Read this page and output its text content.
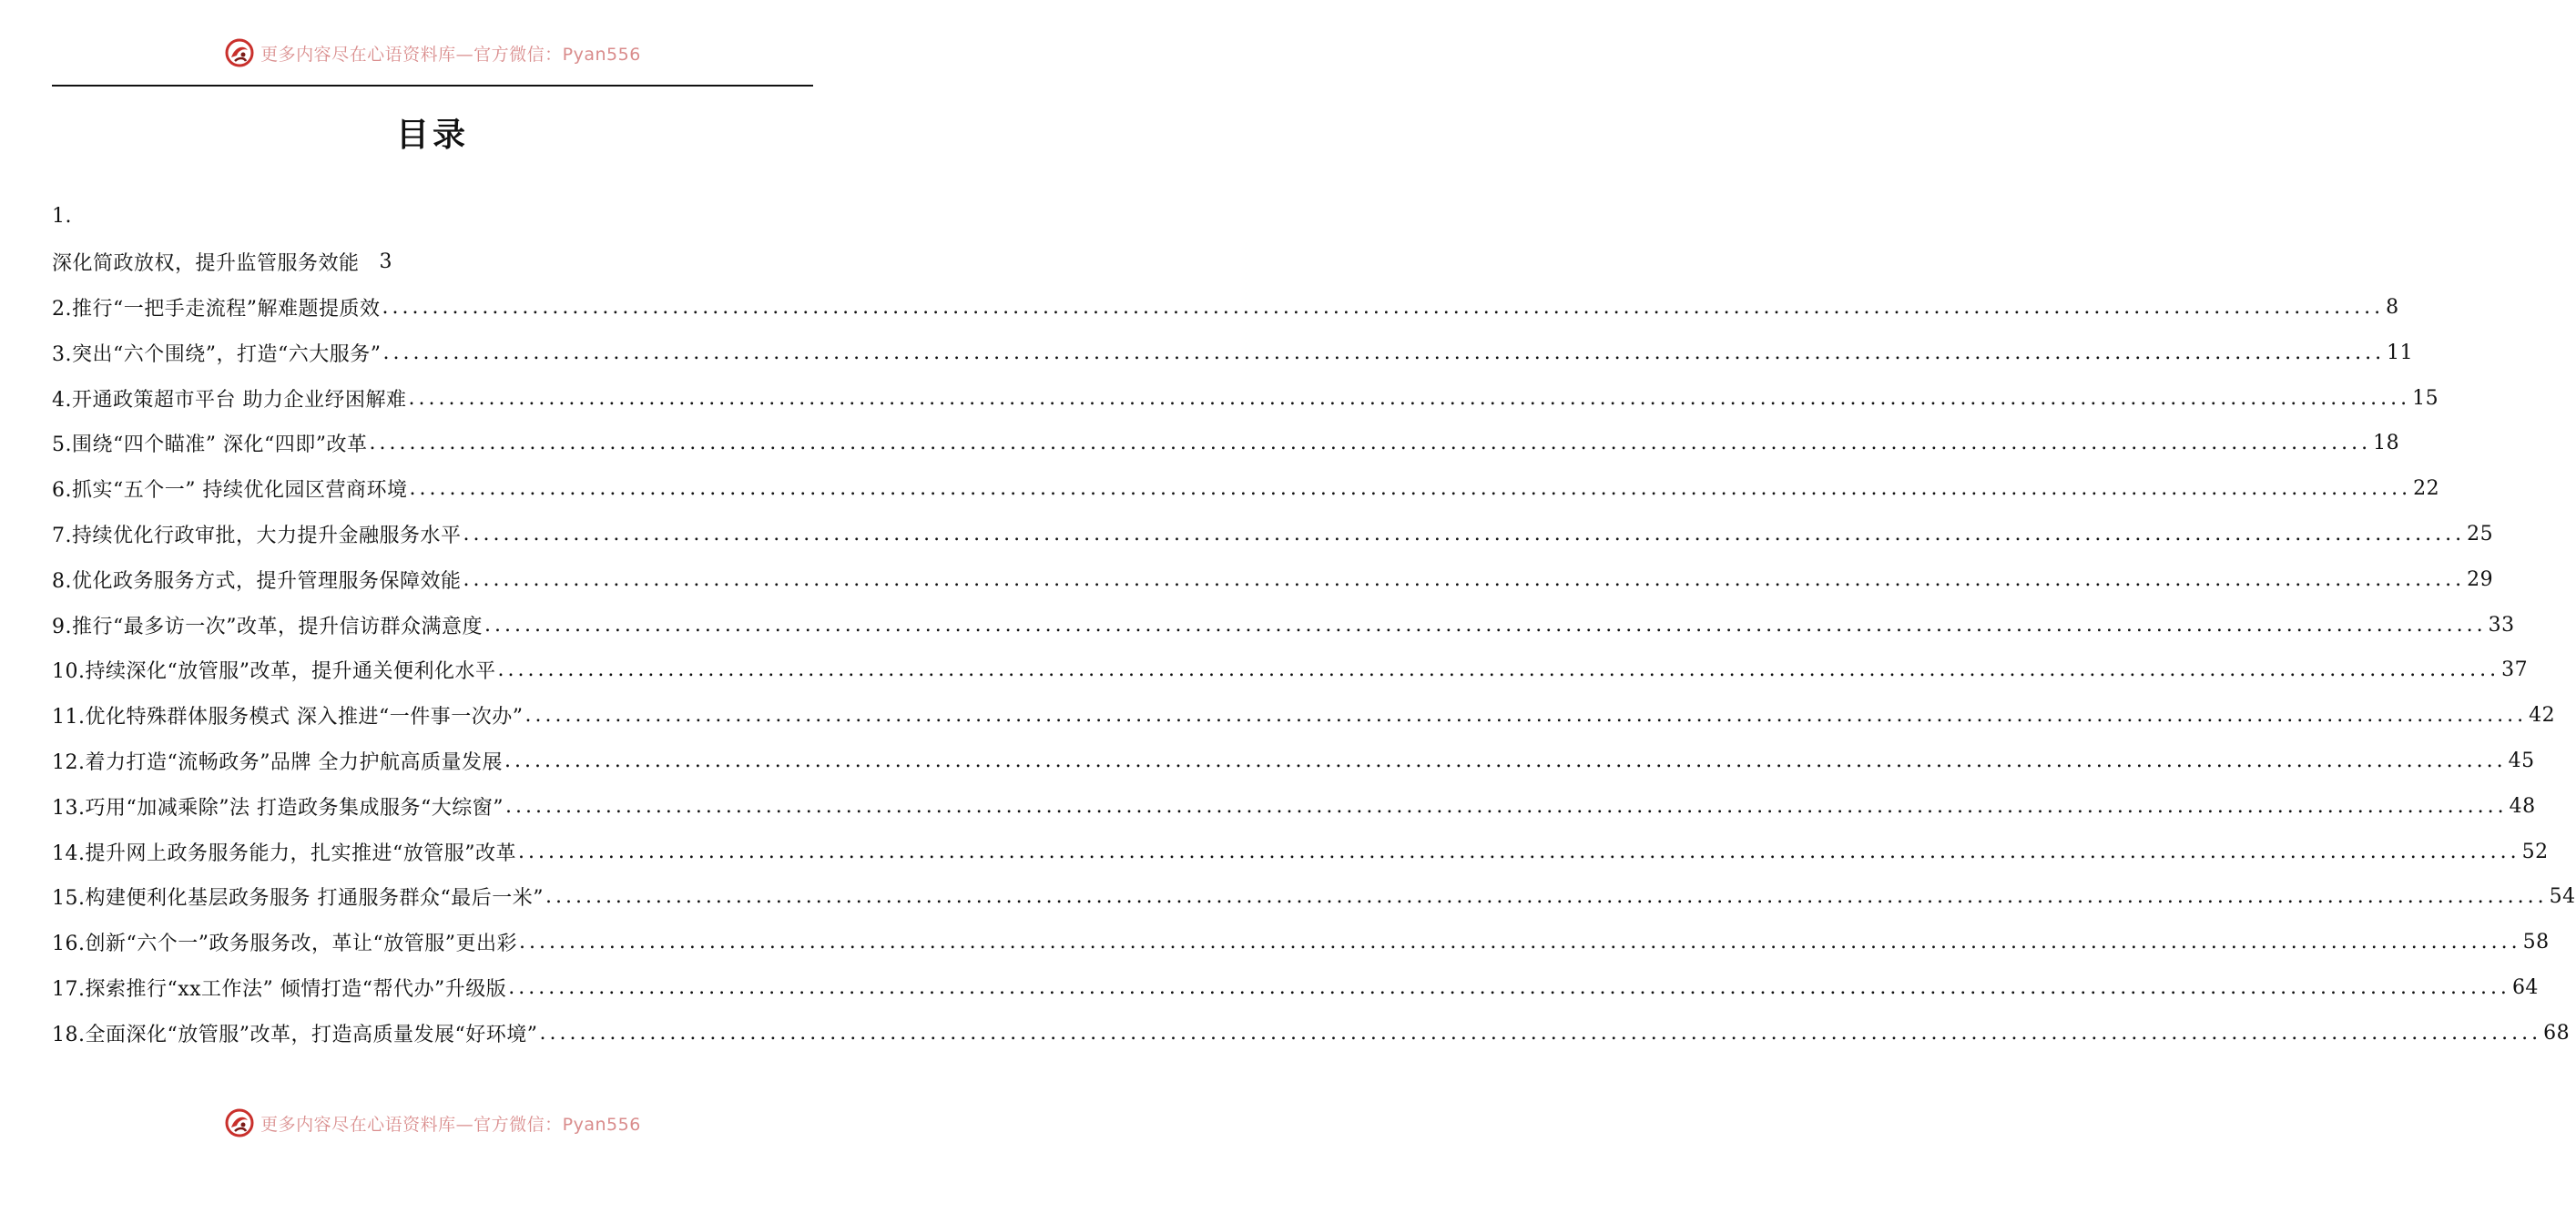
更多内容尽在心语资料库—官方微信：Pyan556
目录
1.
深化简政放权，提升监管服务效能 3
2.推行“一把手走流程”解难题提质效 ........................................................................................................................................................................................................ 8
3.突出“六个围绕”，打造“六大服务” ........................................................................................................................................................................................................ 11
4.开通政策超市平台 助力企业纾困解难 ........................................................................................................................................................................................................ 15
5.围绕“四个瞄准” 深化“四即”改革 ........................................................................................................................................................................................................ 18
6.抓实“五个一” 持续优化园区营商环境 ........................................................................................................................................................................................................ 22
7.持续优化行政审批，大力提升金融服务水平 ........................................................................................................................................................................................................ 25
8.优化政务服务方式，提升管理服务保障效能 ........................................................................................................................................................................................................ 29
9.推行“最多访一次”改革，提升信访群众满意度 ........................................................................................................................................................................................................ 33
10.持续深化“放管服”改革，提升通关便利化水平 ........................................................................................................................................................................................................ 37
11.优化特殊群体服务模式 深入推进“一件事一次办” ........................................................................................................................................................................................................ 42
12.着力打造“流畅政务”品牌 全力护航高质量发展 ........................................................................................................................................................................................................ 45
13.巧用“加减乘除”法 打造政务集成服务“大综窗” ........................................................................................................................................................................................................ 48
14.提升网上政务服务能力，扎实推进“放管服”改革 ........................................................................................................................................................................................................ 52
15.构建便利化基层政务服务 打通服务群众“最后一米” ........................................................................................................................................................................................................ 54
16.创新“六个一”政务服务改，革让“放管服”更出彩 ........................................................................................................................................................................................................ 58
17.探索推行“xx工作法” 倾情打造“帮代办”升级版 ........................................................................................................................................................................................................ 64
18.全面深化“放管服”改革，打造高质量发展“好环境” ........................................................................................................................................................................................................ 68
更多内容尽在心语资料库—官方微信：Pyan556
